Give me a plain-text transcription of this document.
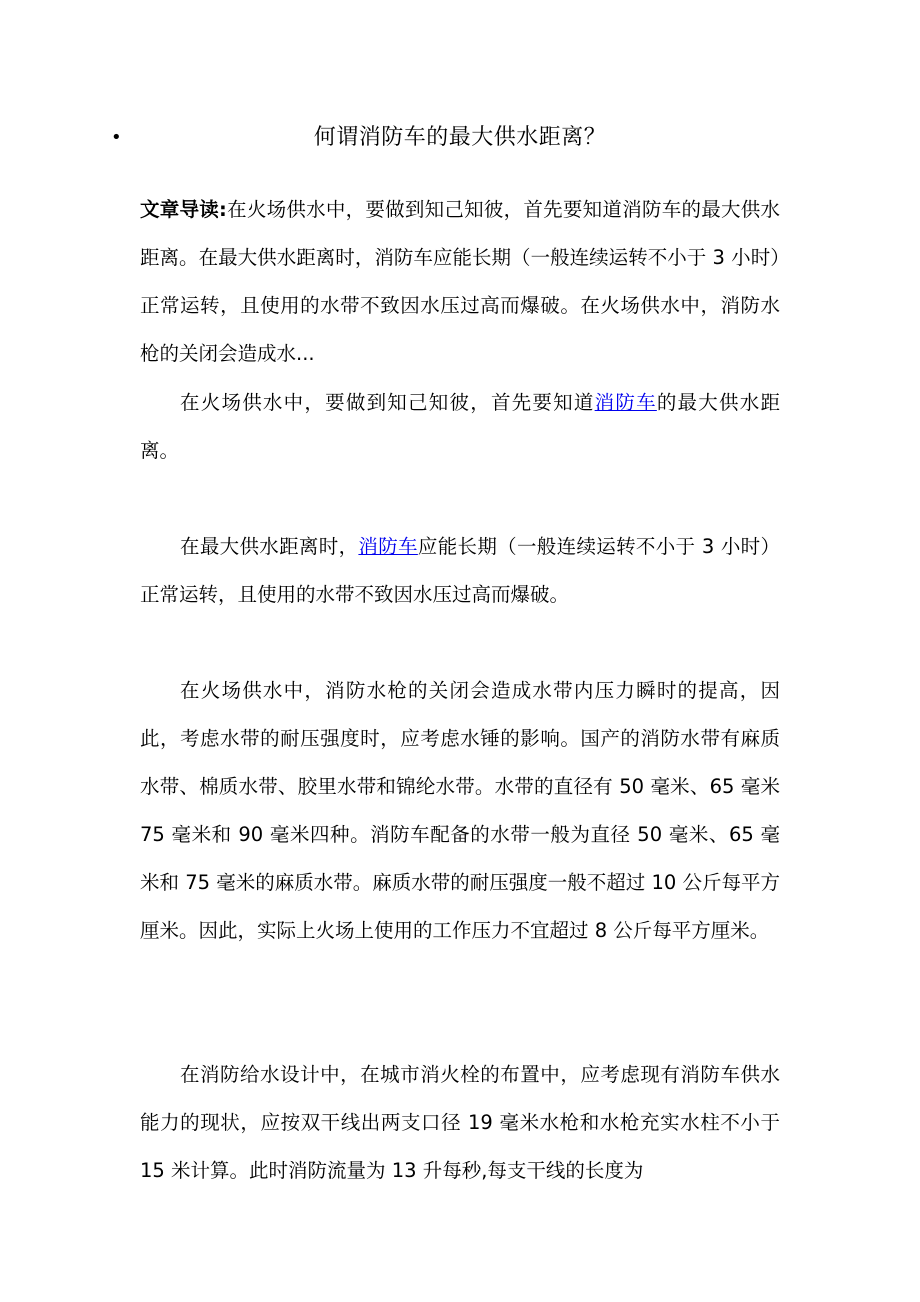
•	何谓消防车的最大供水距离？

文章导读:在火场供水中，要做到知己知彼，首先要知道消防车的最大供水距离。在最大供水距离时，消防车应能长期（一般连续运转不小于 3 小时）正常运转，且使用的水带不致因水压过高而爆破。在火场供水中，消防水枪的关闭会造成水...

在火场供水中，要做到知己知彼，首先要知道消防车的最大供水距离。

在最大供水距离时，消防车应能长期（一般连续运转不小于 3 小时）正常运转，且使用的水带不致因水压过高而爆破。

在火场供水中，消防水枪的关闭会造成水带内压力瞬时的提高，因此，考虑水带的耐压强度时，应考虑水锤的影响。国产的消防水带有麻质水带、棉质水带、胶里水带和锦纶水带。水带的直径有 50 毫米、65 毫米 75 毫米和 90 毫米四种。消防车配备的水带一般为直径 50 毫米、65 毫米和 75 毫米的麻质水带。麻质水带的耐压强度一般不超过 10 公斤每平方厘米。因此，实际上火场上使用的工作压力不宜超过 8 公斤每平方厘米。

在消防给水设计中，在城市消火栓的布置中，应考虑现有消防车供水能力的现状，应按双干线出两支口径 19 毫米水枪和水枪充实水柱不小于 15 米计算。此时消防流量为 13 升每秒,每支干线的长度为
